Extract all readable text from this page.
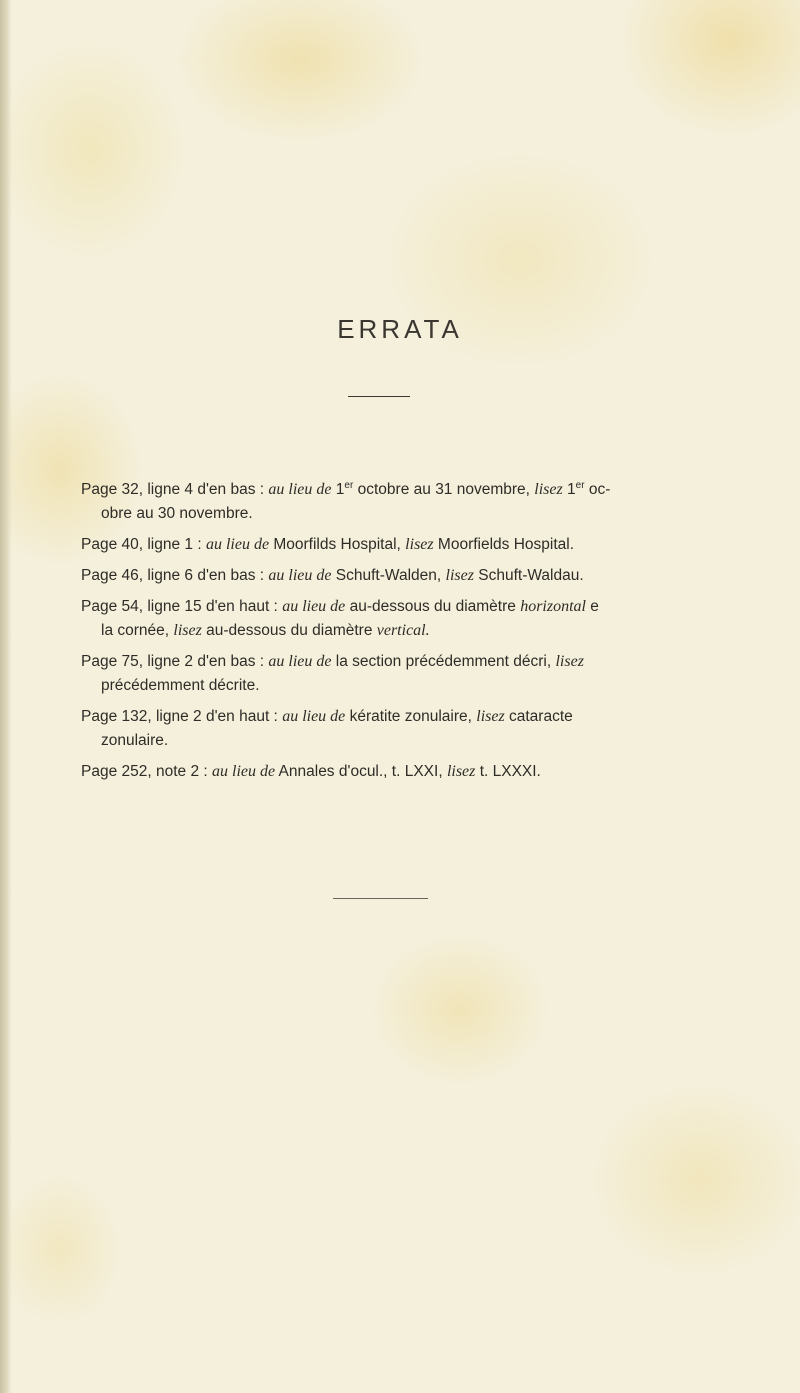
ERRATA
Page 32, ligne 4 d'en bas : au lieu de 1er octobre au 31 novembre, lisez 1er oc-
obre au 30 novembre.
Page 40, ligne 1 : au lieu de Moorfilds Hospital, lisez Moorfields Hospital.
Page 46, ligne 6 d'en bas : au lieu de Schuft-Walden, lisez Schuft-Waldau.
Page 54, ligne 15 d'en haut : au lieu de au-dessous du diamètre horizontal e
la cornée, lisez au-dessous du diamètre vertical.
Page 75, ligne 2 d'en bas : au lieu de la section précédemment décri, lisez
précédemment décrite.
Page 132, ligne 2 d'en haut : au lieu de kératite zonulaire, lisez cataracte
zonulaire.
Page 252, note 2 : au lieu de Annales d'ocul., t. LXXI, lisez t. LXXXI.
